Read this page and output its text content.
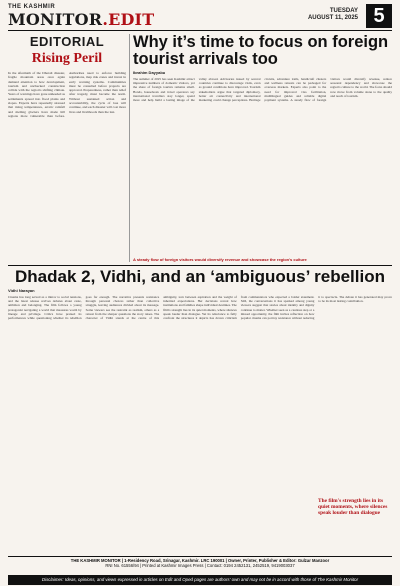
THE KASHMIR
MONITOR.EDIT	TUESDAY
AUGUST 11, 2025 5
EDITORIAL
Rising Peril
In the aftermath of the Dharali disaster, fragile mountain areas once again demand attention to how development, tourism and unchecked construction collide with the region's shifting climate. Years of warnings have gone unheeded as settlements spread into flood plains and slopes. Experts have repeatedly stressed that rising temperatures, erratic rainfall and melting glaciers have made hill regions more vulnerable than before. Authorities need to enforce building regulations, map risk zones and invest in early warning systems. Communities must be consulted before projects are approved. Preparedness, rather than relief after tragedy, must become the norm. Without sustained action and accountability, the cycle of loss will continue, and each disaster will cost more lives and livelihoods than the last.
Why it’s time to focus on foreign tourist arrivals too
Ibrahim Dayyabu
The summer of 2025 has seen Kashmir attract impressive numbers of domestic visitors, yet the share of foreign tourists remains small. Hotels, houseboats and travel operators say international travellers stay longer, spend more and help build a lasting image of the valley abroad. Advisories issued by several countries continue to discourage visits, even as ground conditions have improved. Tourism stakeholders argue that targeted diplomacy, better air connectivity and international marketing could change perceptions. Heritage circuits, adventure trails, handicraft clusters and wellness retreats can be packaged for overseas markets. Experts also point to the need for improved visa facilitation, multilingual guides and reliable digital payment systems. A steady flow of foreign visitors would diversify revenue, reduce seasonal dependency and showcase the region's culture to the world. The focus should now move from volume alone to the quality and reach of tourism.
A steady flow of foreign visitors would diversify revenue and showcase the region's culture
Dhadak 2, Vidhi, and an ‘ambiguous’ rebellion
Vidhi Narayan
Cinema has long served as a mirror to social tensions, and the latest release revives debates about caste, ambition and belonging. The film follows a young protagonist navigating a world that measures worth by lineage and privilege. Critics have praised its performances while questioning whether its rebellion goes far enough. The narrative presents resistance through personal choices rather than collective struggle, leaving audiences divided about its message. Some viewers see the restraint as realism, others as a retreat from the sharper questions the story raises. The character of Vidhi stands at the centre of this ambiguity, torn between aspiration and the weight of inherited expectations. Her decisions reveal how institutions and families shape individual destinies. The film's strength lies in its quiet moments, where silences speak louder than dialogue. Yet its reluctance to fully confront the structures it depicts has drawn criticism from commentators who expected a bolder statement. Still, the conversations it has sparked among young viewers suggest that stories about identity and dignity continue to matter. Whether seen as a cautious step or a missed opportunity, the film invites reflection on how popular cinema can portray resistance without reducing it to spectacle. The debate it has generated may prove to be its most lasting contribution.
The film's strength lies in its quiet moments, where silences speak louder than dialogue
THE KASHMIR MONITOR | 1-Residency Road, Srinagar, Kashmir. LRC 190001 | Owner, Printer, Publisher & Editor: Gulzar Manzoor
RNI No. 61556/94 | Printed at Kashmir Images Press | Contact: 0194 2452131, 2452519, 9419003037
Disclaimer: Ideas, opinions, and views expressed in articles on Edit and Oped pages are authors' own and may not be in accord with those of The Kashmir Monitor
